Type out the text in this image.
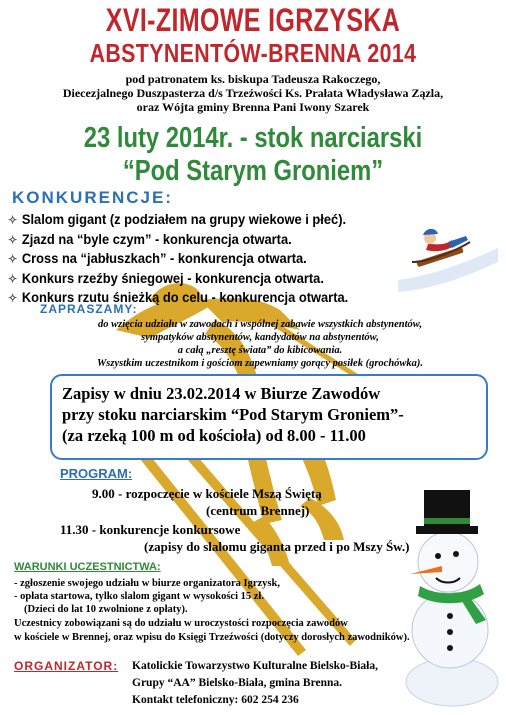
XVI-ZIMOWE IGRZYSKA
ABSTYNENTÓW-BRENNA 2014
pod patronatem ks. biskupa Tadeusza Rakoczego,
Diecezjalnego Duszpasterza d/s Trzeźwości Ks. Prałata Władysława Zązla,
oraz Wójta gminy Brenna Pani Iwony Szarek
23 luty 2014r. - stok narciarski
“Pod Starym Groniem”
KONKURENCJE:
✧ Slalom gigant (z podziałem na grupy wiekowe i płeć).
✧ Zjazd na “byle czym” - konkurencja otwarta.
✧ Cross na “jabłuszkach” - konkurencja otwarta.
✧ Konkurs rzeźby śniegowej - konkurencja otwarta.
✧ Konkurs rzutu śnieżką do celu - konkurencja otwarta.
ZAPRASZAMY:
do wzięcia udziału w zawodach i wspólnej zabawie wszystkich abstynentów,
sympatyków abstynentów, kandydatów na abstynentów,
a całą „resztę świata” do kibicowania.
Wszystkim uczestnikom i gościom zapewniamy gorący posiłek (grochówka).
Zapisy w dniu 23.02.2014 w Biurze Zawodów
przy stoku narciarskim “Pod Starym Groniem”-
(za rzeką 100 m od kościoła) od 8.00 - 11.00
PROGRAM:
9.00 - rozpoczęcie w kościele Mszą Świętą
(centrum Brennej)
11.30 - konkurencje konkursowe
(zapisy do slalomu giganta przed i po Mszy Św.)
WARUNKI UCZESTNICTWA:
- zgłoszenie swojego udziału w biurze organizatora Igrzysk,
- opłata startowa, tylko slalom gigant w wysokości 15 zł.
(Dzieci do lat 10 zwolnione z opłaty).
Uczestnicy zobowiązani są do udziału w uroczystości rozpoczęcia zawodów
w kościele w Brennej, oraz wpisu do Księgi Trzeźwości (dotyczy dorosłych zawodników).
ORGANIZATOR: Katolickie Towarzystwo Kulturalne Bielsko-Biała,
Grupy “AA” Bielsko-Biała, gmina Brenna.
Kontakt telefoniczny: 602 254 236
